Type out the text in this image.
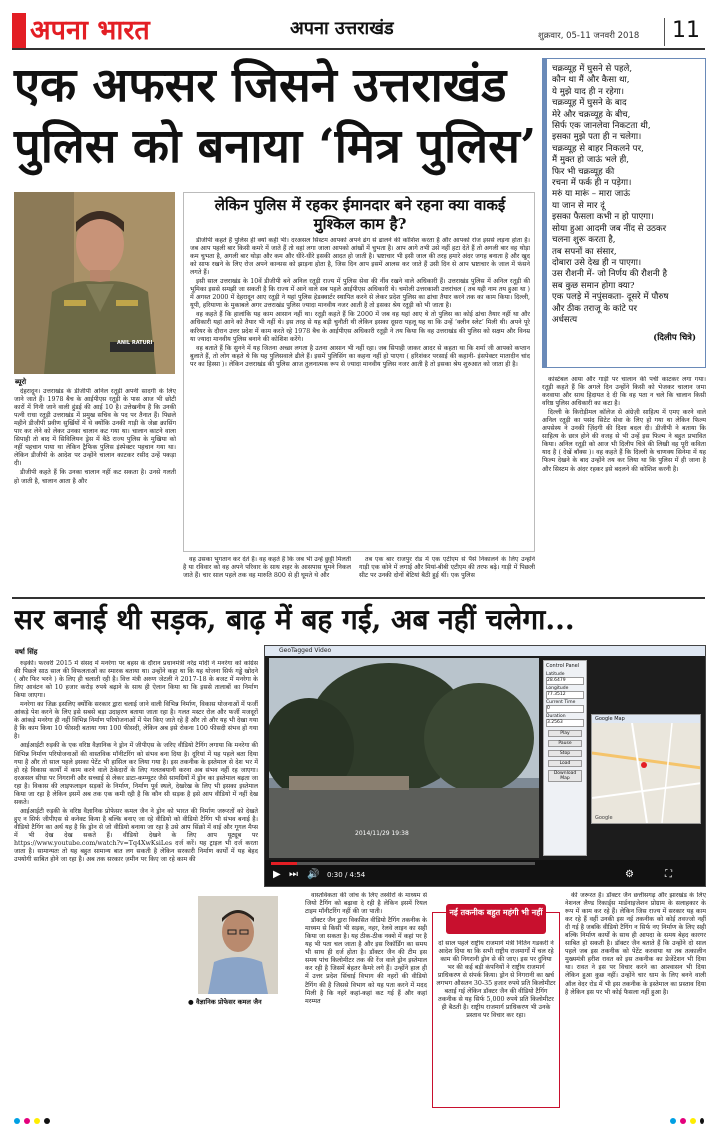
अपना भारत	अपना उत्तराखंड	शुक्रवार, 05-11 जनवरी 2018 11
एक अफसर जिसने उत्तराखंड
पुलिस को बनाया ‘मित्र पुलिस’
ANIL RATURI
ब्यूरो
लेकिन पुलिस में रहकर ईमानदार बने रहना क्या वाकई मुश्किल काम है?

डीजीपी कहते हैं पुलिस ही क्यों कहीं भी। दरअसल सिस्टम आपको अपने ढंग से ढालने की कोशिश करता है और आपको रोज इससे लड़ना होता है। जब आप पहली बार किसी कमरे में जाते हैं तो वहां लगा जाला आपको आंखों में चुभता है। आप आगे तभी उसे नहीं हटा देते हैं तो अगली बार वह थोड़ा कम चुभता है, अगली बार थोड़ा और कम और धीरे-धीरे इसकी आदत हो जाती है। भ्रष्टाचार भी इसी जाल की तरह हमारे अंदर जगह बनाता है और खुद को साफ रखने के लिए रोज अपने कान्सस को झाड़ना होता है, जिस दिन आप इसमें आलस कर जाते हैं उसी दिन से आप भ्रष्टाचार के जाल में फंसने लगते हैं।

इसी साल उत्तराखंड के 10वें डीजीपी बने अनिल रतूड़ी राज्य में पुलिस सेवा की नींव रखने वाले अधिकारी हैं। उत्तराखंड पुलिस में अनिल रतूड़ी की भूमिका इससे समझी जा सकती है कि राज्य में आने वाले सब पहले आईपीएस अधिकारी थे। चमोली उत्तरकाशी उत्तरांचल ( तब यही नाम तय हुआ था ) में अगस्त 2000 में देहरादून आए रतूड़ी ने यहां पुलिस हेडक्वार्टर स्थापित करने से लेकर प्रदेश पुलिस का ढांचा तैयार करने तक का काम किया। दिल्ली, यूपी, हरियाणा के मुकाबले अगर उत्तराखंड पुलिस ज्यादा मानवीय नजर आती है तो इसका श्रेय रतूड़ी को भी जाता है।

वह कहते हैं कि हालांकि यह काम आसान नहीं था। रतूड़ी कहते हैं कि 2000 में जब वह यहां आए थे तो पुलिस का कोई ढांचा तैयार नहीं था और अधिकारी यहां आने को तैयार भी नहीं थे। इस तरह से यह बड़ी चुनौती थी लेकिन इसका दूसरा पहलू यह था कि उन्हें ‘क्लीन स्लेट’ मिली थी। अपने पूरे करियर के दौरान उत्तर प्रदेश में काम करते रहे 1978 बैच के आईपीएस अधिकारी रतूड़ी ने तय किया कि वह उत्तराखंड की पुलिस को सक्षम और विनम्र या ज्यादा मानवीय पुलिस बनाने की कोशिश करेंगे।

वह बताते हैं कि सुनने में यह जितना अच्छा लगता है उतना आसान भी नहीं रहा। जब सिपाही जाकर आदर से कहता था कि शर्मा जी आपको कप्तान बुलाते हैं, तो लोग कहते थे कि यह पुलिसवाले ढीले हैं। इसमें पुलिसिंग का कहना नहीं हो पाएगा ( हरिशंकर परसाई की कहानी- इंसपेक्टर मातादीन चांद पर का हिस्सा )। लेकिन उत्तराखंड की पुलिस आज तुलनात्मक रूप से ज्यादा मानवीय पुलिस नजर आती है तो इसका श्रेय शुरुआत को जाता ही है।

चक्रव्यूह में घुसने से पहले,
कौन था मैं और कैसा था,
ये मुझे याद ही न रहेगा।
चक्रव्यूह में घुसने के बाद
मेरे और चक्रव्यूह के बीच,
सिर्फ एक जानलेवा निकटता थी,
इसका मुझे पता ही न चलेगा।
चक्रव्यूह से बाहर निकलने पर,
मैं मुक्त हो जाऊं भले ही,
फिर भी चक्रव्यूह की
रचना में फर्क ही न पड़ेगा।
मरुं या मारूं – मारा जाऊं
या जान से मार दूं
इसका फैसला कभी न हो पाएगा।
सोया हुआ आदमी जब नींद से उठकर
चलना शुरू करता है,
तब सपनों का संसार,
दोबारा उसे देख ही न पाएगा।
उस रौशनी में- जो निर्णय की रौशनी है
सब कुछ समान होगा क्या?
एक पलड़े में नपुंसकता- दूसरे में पौरुष
और ठीक तराजू के कांटे पर
अर्धसत्य
(दिलीप चित्रे)

देहरादून। उत्तराखंड के डीजीपी अनिल रतूड़ी अपनी सादगी के लिए जाने जाते हैं। 1978 बैच के आईपीएस रतूड़ी के पास आज भी छोटी कारों में गिनी जाने वाली हुंडई की आई 10 है। उत्तेखनीय है कि उनकी पत्नी राधा रतूड़ी उत्तराखंड में प्रमुख सचिव के पद पर तैनात हैं। पिछले महीने डीजीपी प्रवीण सुर्खियों में थे क्योंकि उनकी गाड़ी के जेब्रा क्रासिंग पार कर लेने को लेकर उनका चालान कट गया था। चालान काटने वाला सिपाही तो बाद में सिविलियन ड्रेस में बैठे राज्य पुलिस के मुखिया को नहीं पहचान पाया था लेकिन ट्रैफिक पुलिस इंस्पेक्टर पहचान गया था। लेकिन डीजीपी के आदेश पर उन्होंने चालान काटकर रसीद उन्हें पकड़ा दी।

डीजीपी कहते हैं कि उनका चालान नहीं कट सकता है। उनसे गलती हो जाती है, चालान आता है और

वह उसका भुगतान कर देते हैं। वह कहते हैं कि जब भी उन्हें छुट्टी मिलती है या रविवार को वह अपने परिवार के साथ शहर के आसपास घूमने निकल जाते हैं। चार साल पहले तक वह मारुति 800 से ही घूमते थे और

तब एक बार राजपुर रोड में एक एटीएम से पैसे निकालने के लिए उन्होंने गाड़ी एक कोने में लगाई और मियां-बीबी एटीएम की तरफ बढ़े। गाड़ी में पिछली सीट पर उनकी दोनों बेटियां बैठी हुई थीं। एक पुलिस

कांस्टेबल आया और गाड़ी पर चालान की पर्ची काटकर लगा गया। रतूड़ी कहते हैं कि अगले दिन उन्होंने किसी को भेजकर चालान जमा करवाया और साथ हिदायत दे दी कि वह पता न चले कि चालान किसी वरिष्ठ पुलिस अधिकारी का कटा है।

दिल्ली के किरोड़ीमल कॉलेज से अंग्रेज़ी साहित्य में एमए करने वाले अनिल रतूड़ी का पसंद सिटेट सेवा के लिए हो गया था लेकिन फिल्म अपसेस्य ने उनकी ज़िंदगी की दिशा बदल दी। डीजीपी ने बताया कि साहित्य के छात्र होने की वजह से भी उन्हें इस फिल्म ने बहुत प्रभावित किया। अनिल रतूड़ी को आज भी दिलीप चित्रे की लिखी वह पूरी कविता याद है ( देखें बॉक्स )। वह कहते हैं कि दिल्ली के चाणक्य सिनेमा में यह फिल्म देखने के बाद उन्होंने तय कर लिया था कि पुलिस में ही जाना है और सिस्टम के अंदर रहकर इसे बदलने की कोशिश करनी है।

सर बनाई थी सड़क, बाढ़ में बह गई, अब नहीं चलेगा...
वर्षा सिंह	GeoTagged Video
2014/11/29 19:38
▶ ⏭ 🔊 0:30 / 4:54	⚙	⛶
Control Panel
Latitude
28.6479
Longitude
77.3512
Current Time
0
Duration
3.2563
Play
Pause
Stop
Load
Download Map
Google Map
Google

रुड़की। फरवरी 2015 में संसद में मनरेगा पर बहस के दौरान प्रधानमंत्री नरेंद्र मोदी ने मनरेगा को कांग्रेस की पिछले साठ साल की विफलताओं का स्मारक बताया था। उन्होंने कहा था कि यह योजना सिर्फ गड्ढे खोदने ( और फिर भरने ) के लिए ही चलाती रही है। वित्त मंत्री अरुण जेटली ने 2017-18 के बजट में मनरेगा के लिए आवंटन को 10 हजार करोड़ रुपये बढ़ाने के साथ ही ऐलान किया था कि इससे तालाबों का निर्माण किया जाएगा।

मनरेगा का जिक्र इसलिए क्योंकि सरकार द्वारा चलाई जाने वाली विभिन्न निर्माण, विकास योजनाओं में फर्जी आंकड़े पेश करने के लिए इसे सबसे बड़ा उदाहरण बताया जाता रहा है। गलत मस्टर रोल और फर्जी मजदूरों के आंकड़े मनरेगा ही नहीं विभिन्न निर्माण परियोजनाओं में पेश किए जाते रहे हैं और तो और यह भी देखा गया है कि काम किया 10 फीसदी बताया गया 100 फीसदी, लेकिन अब इसे रोकना 100 फीसदी संभव हो गया है।

आईआईटी रुड़की के एक वरिष्ठ वैज्ञानिक ने ड्रोन में जीपीएस के जरिए वीडियो टैगिंग लगाया कि मनरेगा की विभिन्न निर्माण परियोजनाओं की वास्तविक मॉनीटरिंग को संभव बना दिया है। दूरियां में यह पहले बता दिया गया है और तो साल पहले इसका पेटेंट भी हासिल कर लिया गया है। इस तकनीक के इस्तेमाल से देश भर में हो रहे विकास कार्यों में काम करने वाले ठेकेदारों के लिए गलतबयानी करना अब संभव नहीं रह जाएगा। दरअसल सीधा पर निगरानी और सच्चाई से लेकर डाटा-कम्प्यूटर जैसे सामग्रियों में ड्रोन का इस्तेमाल बढ़ता जा रहा है। विकास की लाइफलाइन सड़कों के निर्माण, निर्माण पूर्व स्थले, देखरेख के लिए भी इसका इस्तेमाल किया जा रहा है लेकिन इसमें अब तक एक कमी रही है कि कौन सी सड़क है इसे आप वीडियो में नहीं देख सकते।

आईआईटी रुड़की के वरिष्ठ वैज्ञानिक प्रोफेसर कमल जैन ने ड्रोन को भारत की निर्माण जरूरतों को देखते हुए न सिर्फ जीपीएस से कनेक्ट किया है बल्कि बनाए जा रहे वीडियो को वीडियो टैगिंग भी संभव बनाई है। वीडियो टैगिंग का अर्थ यह है कि ड्रोन से जो वीडियो बनाया जा रहा है उसे आप सिंक्रो में वाई और गूगल मैप्स में भी देख देख सकते हैं। वीडियो देखने के लिए आप यूट्यूब पर https://www.youtube.com/watch?v=Tq4XwKsiLes दर्ज करें। यह ट्राइल भी दर्ज करता जाता है। सामान्यतः तो यह बहुत सामान्य बात लग सकती है लेकिन सरकारी निर्माण कार्यों में यह बेहद उपयोगी साबित होने जा रहा है। अब तक सरकार ज़मीन पर किए जा रहे काम की

● वैज्ञानिक प्रोफेसर कमल जैन

वास्तविकता की जांच के लिए तस्वीरों के माध्यम से जियो टैगिंग को बढ़ावा दे रही है लेकिन इसमें रियल टाइम मॉनीटरिंग नहीं की जा पाती।

डॉक्टर जैन द्वारा विकसित वीडियो टैगिंग तकनीक के माध्यम से किसी भी सड़क, नहर, रेलवे लाइन का सही किया जा सकता है। यह ठीक-ठीक नक्शे में कहां पर है यह भी पता चल जाता है और इस रिकॉर्डिंग का समय भी साथ ही दर्ज होता है। डॉक्टर जैन की टीम इस समय पांच किलोमीटर तक की रेंज वाले ड्रोन इस्तेमाल कर रही है जिसमें बेहतर कैमरे लगे हैं। उन्होंने हाल ही में उत्तर प्रदेश सिंचाई विभाग की नहरों की वीडियो टैगिंग की है जिससे विभाग को यह पता करने में मदद मिली है कि नहरें कहां-कहां कट गई हैं और कहां मरम्मत

नई तकनीक बहुत महंगी भी नहीं

दो साल पहले राष्ट्रीय राजमार्ग मंत्री नितिन गडकरी ने आदेश दिया था कि सभी राष्ट्रीय राजमार्गों में चल रहे काम की निगरानी ड्रोन से की जाए। इस पर दुनिया भर की कई बड़ी कंपनियों ने राष्ट्रीय राजमार्ग प्राधिकरण से संपर्क किया। ड्रोन से निगरानी का खर्च लगभग औसतन 30-35 हजार रुपये प्रति किलोमीटर बताई गई लेकिन डॉक्टर जैन की वीडियो टैगिंग तकनीक से यह सिर्फ 5,000 रुपये प्रति किलोमीटर ही बैठती है। राष्ट्रीय राजमार्ग प्राधिकरण भी उनके प्रस्ताव पर विचार कर रहा।

की जरूरत है। डॉक्टर जैन छत्तीसगढ़ और झारखंड के लिए नेशनल लैण्ड रिकार्ड्स मार्डनाइजेशन प्रोग्राम के सलाहकार के रूप में काम कर रहे हैं। लेकिन जिस राज्य में सरकार यह काम कर रहे हैं वहीं उनकी इस नई तकनीक को कोई तवज्जो नहीं दी गई है जबकि वीडियो टैगिंग न सिर्फ नए निर्माण के लिए सही बल्कि निर्माण कार्यों के साथ ही आपदा के समय बेहद कारगर साबित हो सकती है। डॉक्टर जैन बताते हैं कि उन्होंने दो साल पहले जब इस तकनीक को पेटेंट करवाया था तब तत्कालीन मुख्यमंत्री हरीश रावत को इस तकनीक का प्रेजेंटेशन भी दिया था। रावत ने इस पर विचार करने का आश्वासन भी दिया लेकिन हुआ कुछ नहीं। उन्होंने चार धाम के लिए बनने वाली ऑल वेदर रोड में भी इस तकनीक के इस्तेमाल का प्रस्ताव दिया है लेकिन इस पर भी कोई फैसला नहीं हुआ है।
